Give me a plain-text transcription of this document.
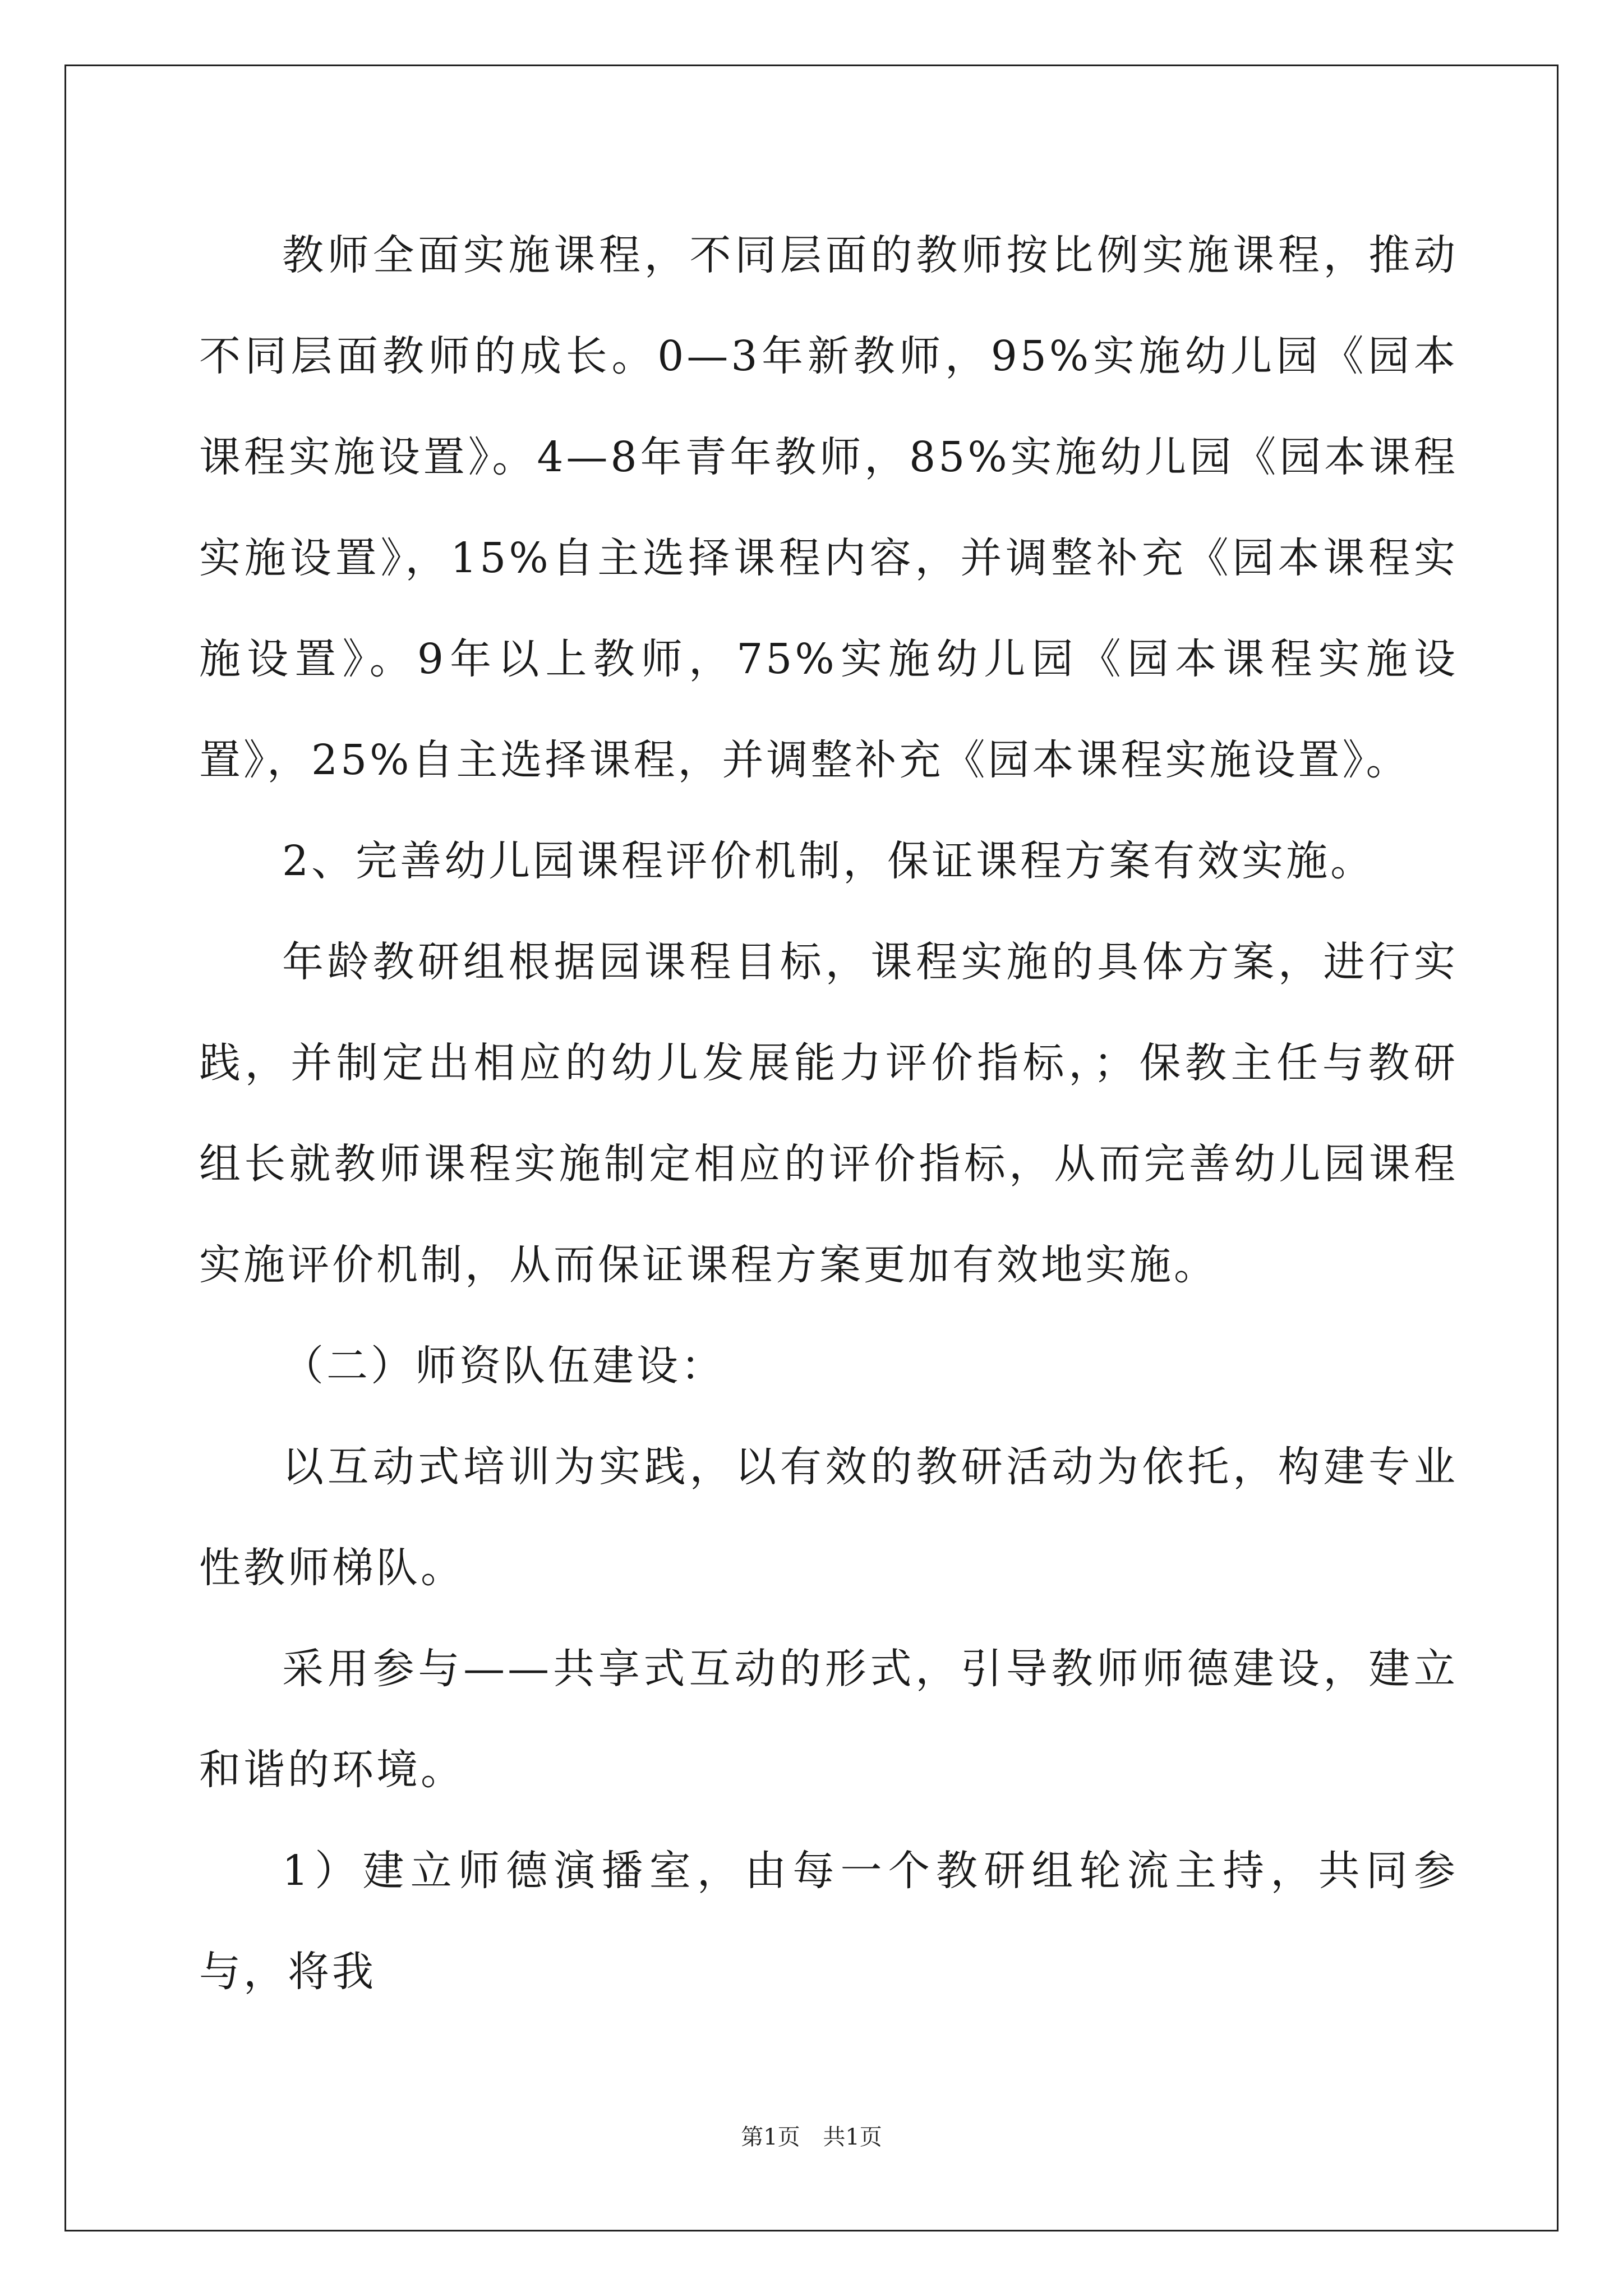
教师全面实施课程，不同层面的教师按比例实施课程，推动不同层面教师的成长。0—3年新教师，95%实施幼儿园《园本课程实施设置》。4—8年青年教师，85%实施幼儿园《园本课程实施设置》，15%自主选择课程内容，并调整补充《园本课程实施设置》。9年以上教师，75%实施幼儿园《园本课程实施设置》，25%自主选择课程，并调整补充《园本课程实施设置》。

2、完善幼儿园课程评价机制，保证课程方案有效实施。

年龄教研组根据园课程目标，课程实施的具体方案，进行实践，并制定出相应的幼儿发展能力评价指标，；保教主任与教研组长就教师课程实施制定相应的评价指标，从而完善幼儿园课程实施评价机制，从而保证课程方案更加有效地实施。

（二）师资队伍建设：

以互动式培训为实践，以有效的教研活动为依托，构建专业性教师梯队。

采用参与——共享式互动的形式，引导教师师德建设，建立和谐的环境。

1）建立师德演播室，由每一个教研组轮流主持，共同参与，将我

第1页 共1页
